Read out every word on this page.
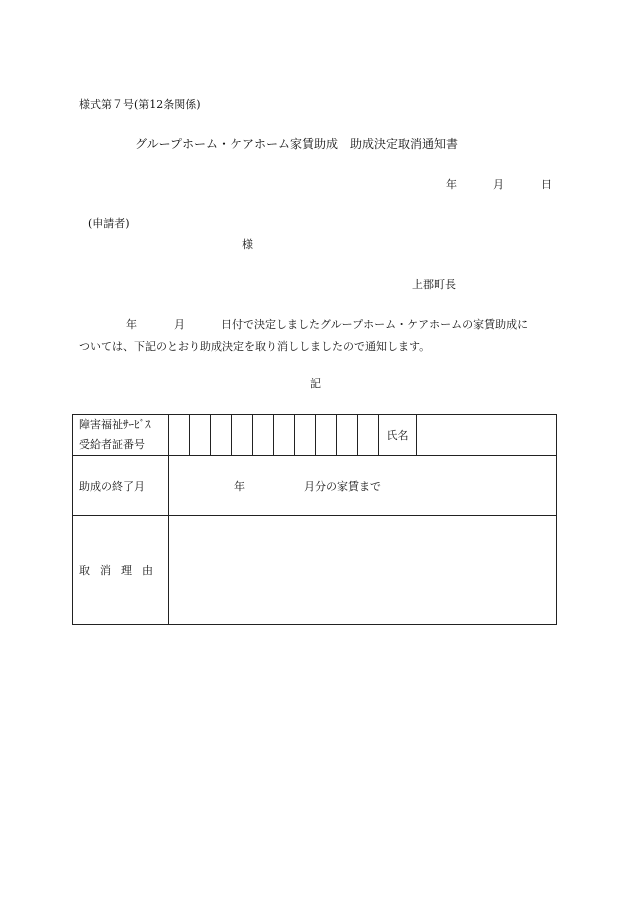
様式第７号(第12条関係)
グループホーム・ケアホーム家賃助成　助成決定取消通知書
年	月	日
(申請者)
様
上郡町長
年	月	日付で決定しましたグループホーム・ケアホームの家賃助成に
ついては、下記のとおり助成決定を取り消ししましたので通知します。
記
障害福祉ｻｰﾋﾞｽ
受給者証番号											氏名	
助成の終了月	年 月分の家賃まで											
取消理由												
